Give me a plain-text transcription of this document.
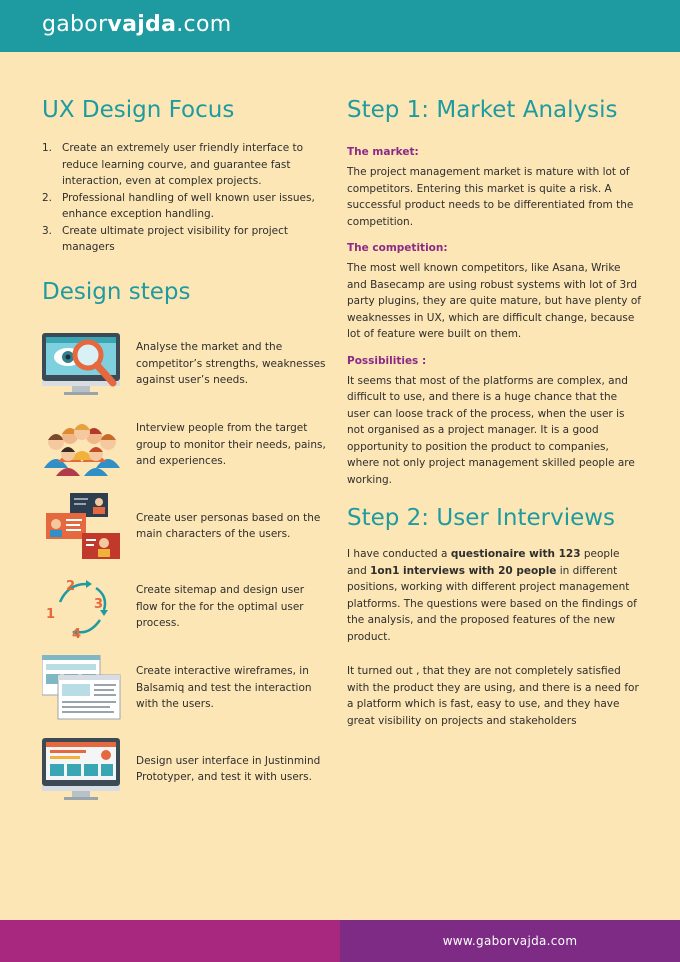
gaborvajda.com
UX Design Focus
1. Create an extremely user friendly interface to reduce learning courve, and guarantee fast interaction, even at complex projects.
2. Professional handling of well known user issues, enhance exception handling.
3. Create ultimate project visibility for project managers
Design steps
Analyse the market and the competitor’s strengths, weaknesses against user’s needs.
Interview people from the target group to monitor their needs, pains, and experiences.
Create user personas based on the main characters of the users.
1
2
3
4
Create sitemap and design user flow for the for the optimal user process.
Create interactive wireframes, in Balsamiq and test the interaction with the users.
Design user interface in Justinmind Prototyper, and test it with users.
Step 1: Market Analysis
The market:
The project management market is mature with lot of competitors. Entering this market is quite a risk. A successful product needs to be differentiated from the competition.
The competition:
The most well known competitors, like Asana, Wrike and Basecamp are using robust systems with lot of 3rd party plugins, they are quite mature, but have plenty of weaknesses in UX, which are difficult change, because lot of feature were built on them.
Possibilities :
It seems that most of the platforms are complex, and difficult to use, and there is a huge chance that the user can loose track of the process, when the user is not organised as a project manager. It is a good opportunity to position the product to companies, where not only project management skilled people are working.
Step 2: User Interviews
I have conducted a questionaire with 123 people and 1on1 interviews with 20 people in different positions, working with different project management platforms. The questions were based on the findings of the analysis, and the proposed features of the new product.
It turned out , that they are not completely satisfied with the product they are using, and there is a need for a platform which is fast, easy to use, and they have great visibility on projects and stakeholders
www.gaborvajda.com
